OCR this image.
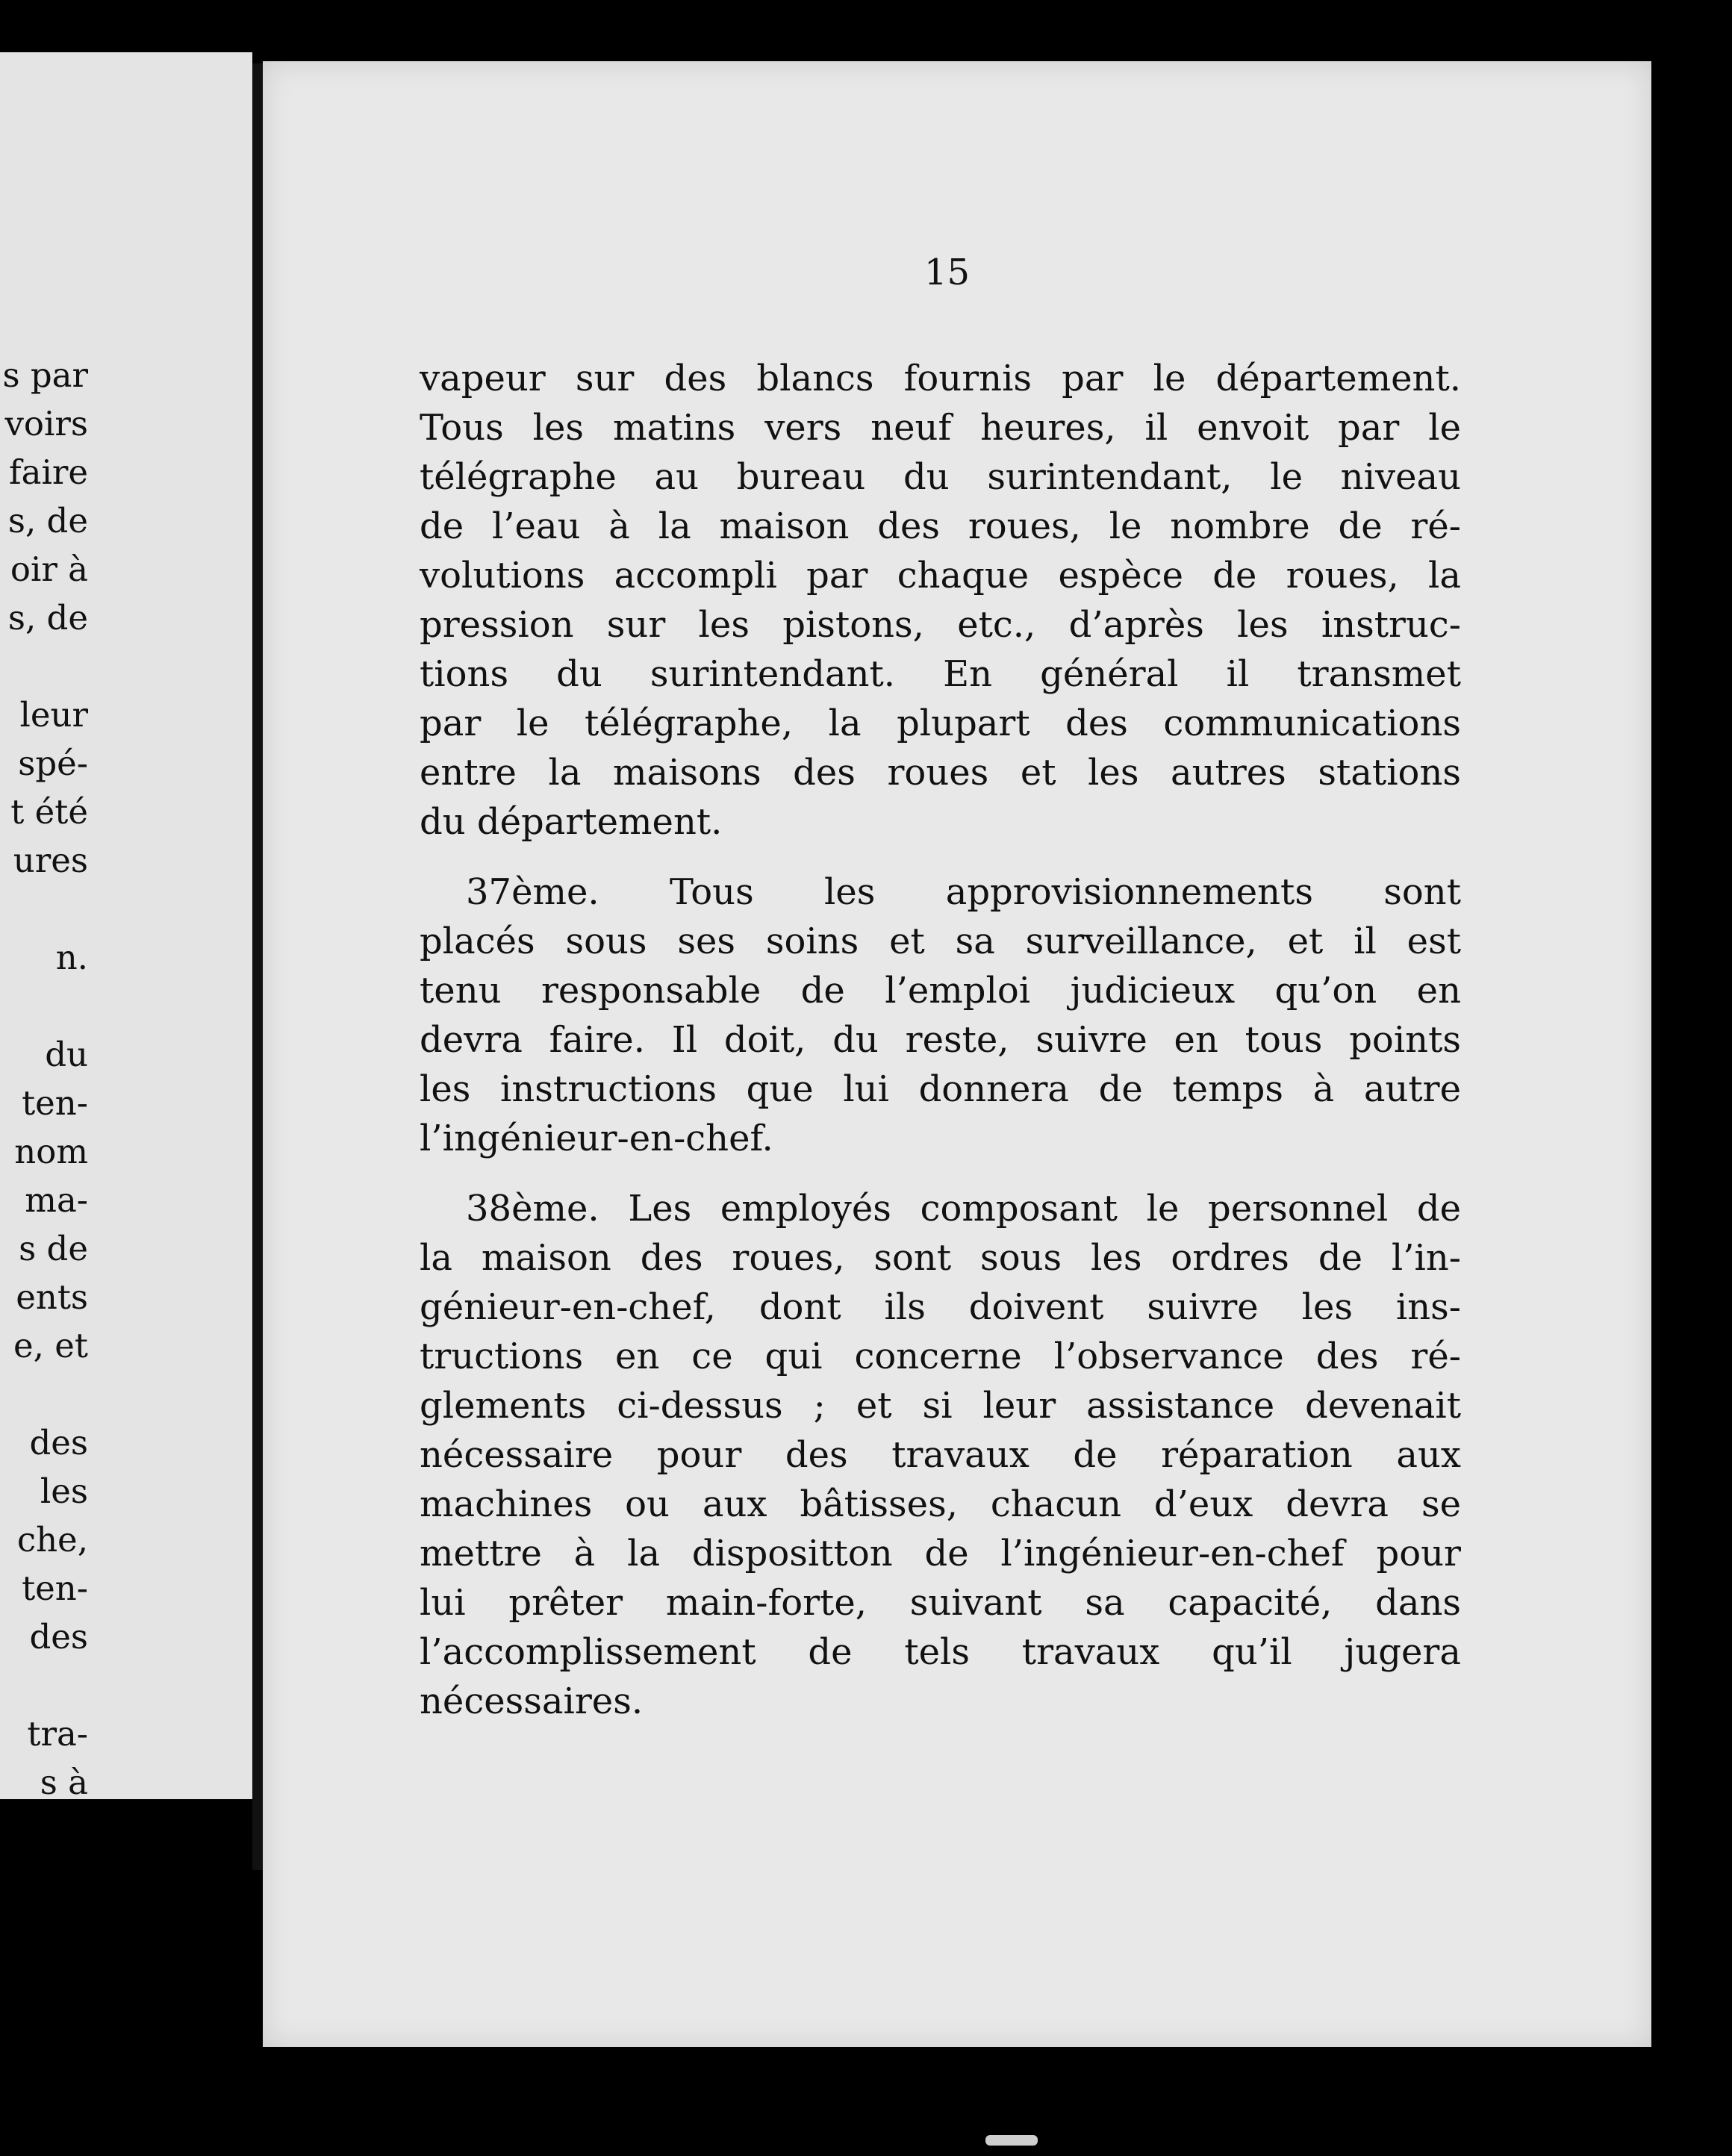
s par
voirs
faire
s, de
oir à
s, de
leur
spé-
t été
ures
n.
du
ten-
nom
ma-
s de
ents
e, et
des
les
che,
ten-
des
tra-
s à
15
vapeur sur des blancs fournis par le département.
Tous les matins vers neuf heures, il envoit par le
télégraphe au bureau du surintendant, le niveau
de l’eau à la maison des roues, le nombre de ré-
volutions accompli par chaque espèce de roues, la
pression sur les pistons, etc., d’après les instruc-
tions du surintendant. En général il transmet
par le télégraphe, la plupart des communications
entre la maisons des roues et les autres stations
du département.
37ème. Tous les approvisionnements sont
placés sous ses soins et sa surveillance, et il est
tenu responsable de l’emploi judicieux qu’on en
devra faire. Il doit, du reste, suivre en tous points
les instructions que lui donnera de temps à autre
l’ingénieur-en-chef.
38ème. Les employés composant le personnel de
la maison des roues, sont sous les ordres de l’in-
génieur-en-chef, dont ils doivent suivre les ins-
tructions en ce qui concerne l’observance des ré-
glements ci-dessus ; et si leur assistance devenait
nécessaire pour des travaux de réparation aux
machines ou aux bâtisses, chacun d’eux devra se
mettre à la dispositton de l’ingénieur-en-chef pour
lui prêter main-forte, suivant sa capacité, dans
l’accomplissement de tels travaux qu’il jugera
nécessaires.
